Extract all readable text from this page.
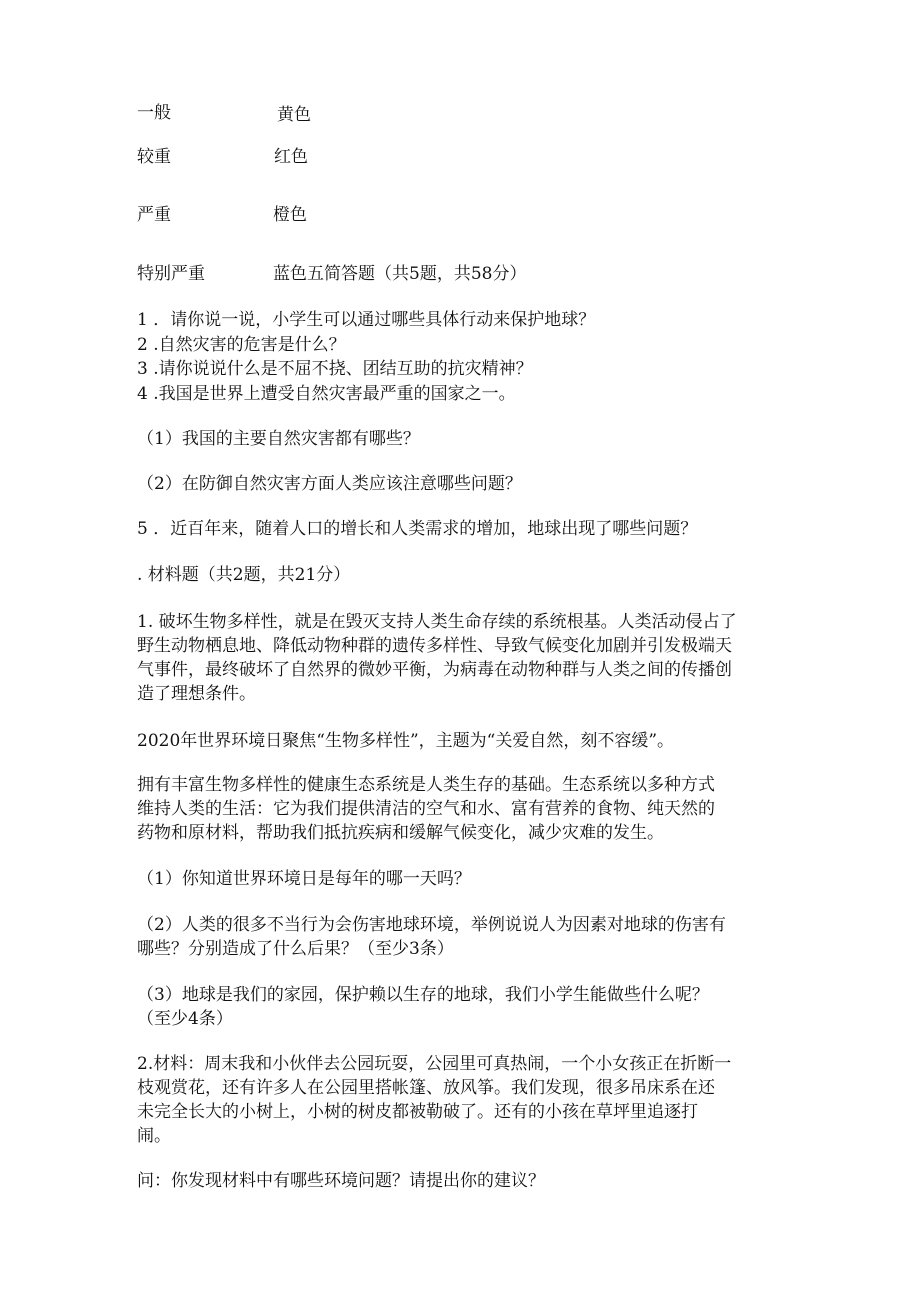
一般	黄色
较重	红色
严重	橙色
特别严重	蓝色五简答题（共5题，共58分）
1 ．请你说一说，小学生可以通过哪些具体行动来保护地球？
2 .自然灾害的危害是什么？
3 .请你说说什么是不屈不挠、团结互助的抗灾精神？
4 .我国是世界上遭受自然灾害最严重的国家之一。
（1）我国的主要自然灾害都有哪些？
（2）在防御自然灾害方面人类应该注意哪些问题？
5 ．近百年来，随着人口的增长和人类需求的增加，地球出现了哪些问题？
. 材料题（共2题，共21分）
1. 破坏生物多样性，就是在毁灭支持人类生命存续的系统根基。人类活动侵占了
野生动物栖息地、降低动物种群的遗传多样性、导致气候变化加剧并引发极端天
气事件，最终破坏了自然界的微妙平衡，为病毒在动物种群与人类之间的传播创
造了理想条件。
2020年世界环境日聚焦“生物多样性”，主题为“关爱自然，刻不容缓”。
拥有丰富生物多样性的健康生态系统是人类生存的基础。生态系统以多种方式
维持人类的生活：它为我们提供清洁的空气和水、富有营养的食物、纯天然的
药物和原材料，帮助我们抵抗疾病和缓解气候变化，减少灾难的发生。
（1）你知道世界环境日是每年的哪一天吗？
（2）人类的很多不当行为会伤害地球环境，举例说说人为因素对地球的伤害有
哪些？分别造成了什么后果？（至少3条）
（3）地球是我们的家园，保护赖以生存的地球，我们小学生能做些什么呢？
（至少4条）
2.材料：周末我和小伙伴去公园玩耍，公园里可真热闹，一个小女孩正在折断一
枝观赏花，还有许多人在公园里搭帐篷、放风筝。我们发现，很多吊床系在还
未完全长大的小树上，小树的树皮都被勒破了。还有的小孩在草坪里追逐打
闹。
问：你发现材料中有哪些环境问题？请提出你的建议？
